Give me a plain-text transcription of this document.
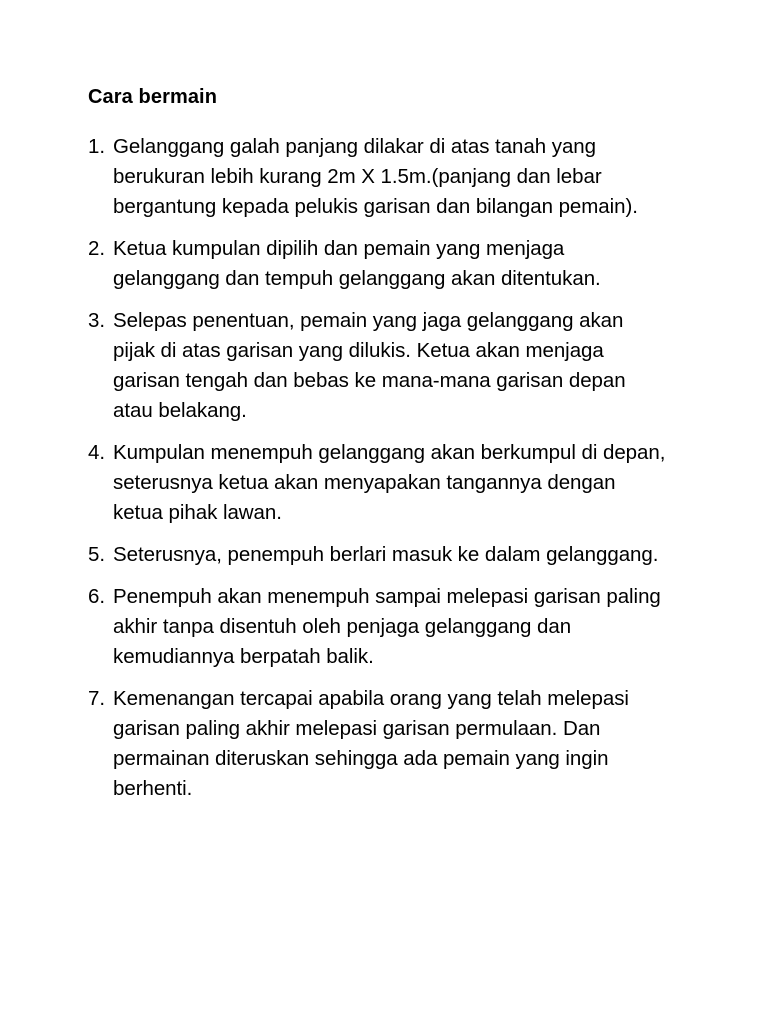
Cara bermain
1. Gelanggang galah panjang dilakar di atas tanah yang berukuran lebih kurang 2m X 1.5m.(panjang dan lebar bergantung kepada pelukis garisan dan bilangan pemain).
2. Ketua kumpulan dipilih dan pemain yang menjaga gelanggang dan tempuh gelanggang akan ditentukan.
3. Selepas penentuan, pemain yang jaga gelanggang akan pijak di atas garisan yang dilukis. Ketua akan menjaga garisan tengah dan bebas ke mana-mana garisan depan atau belakang.
4. Kumpulan menempuh gelanggang akan berkumpul di depan, seterusnya ketua akan menyapakan tangannya dengan ketua pihak lawan.
5. Seterusnya, penempuh berlari masuk ke dalam gelanggang.
6. Penempuh akan menempuh sampai melepasi garisan paling akhir tanpa disentuh oleh penjaga gelanggang dan kemudiannya berpatah balik.
7. Kemenangan tercapai apabila orang yang telah melepasi garisan paling akhir melepasi garisan permulaan. Dan permainan diteruskan sehingga ada pemain yang ingin berhenti.
